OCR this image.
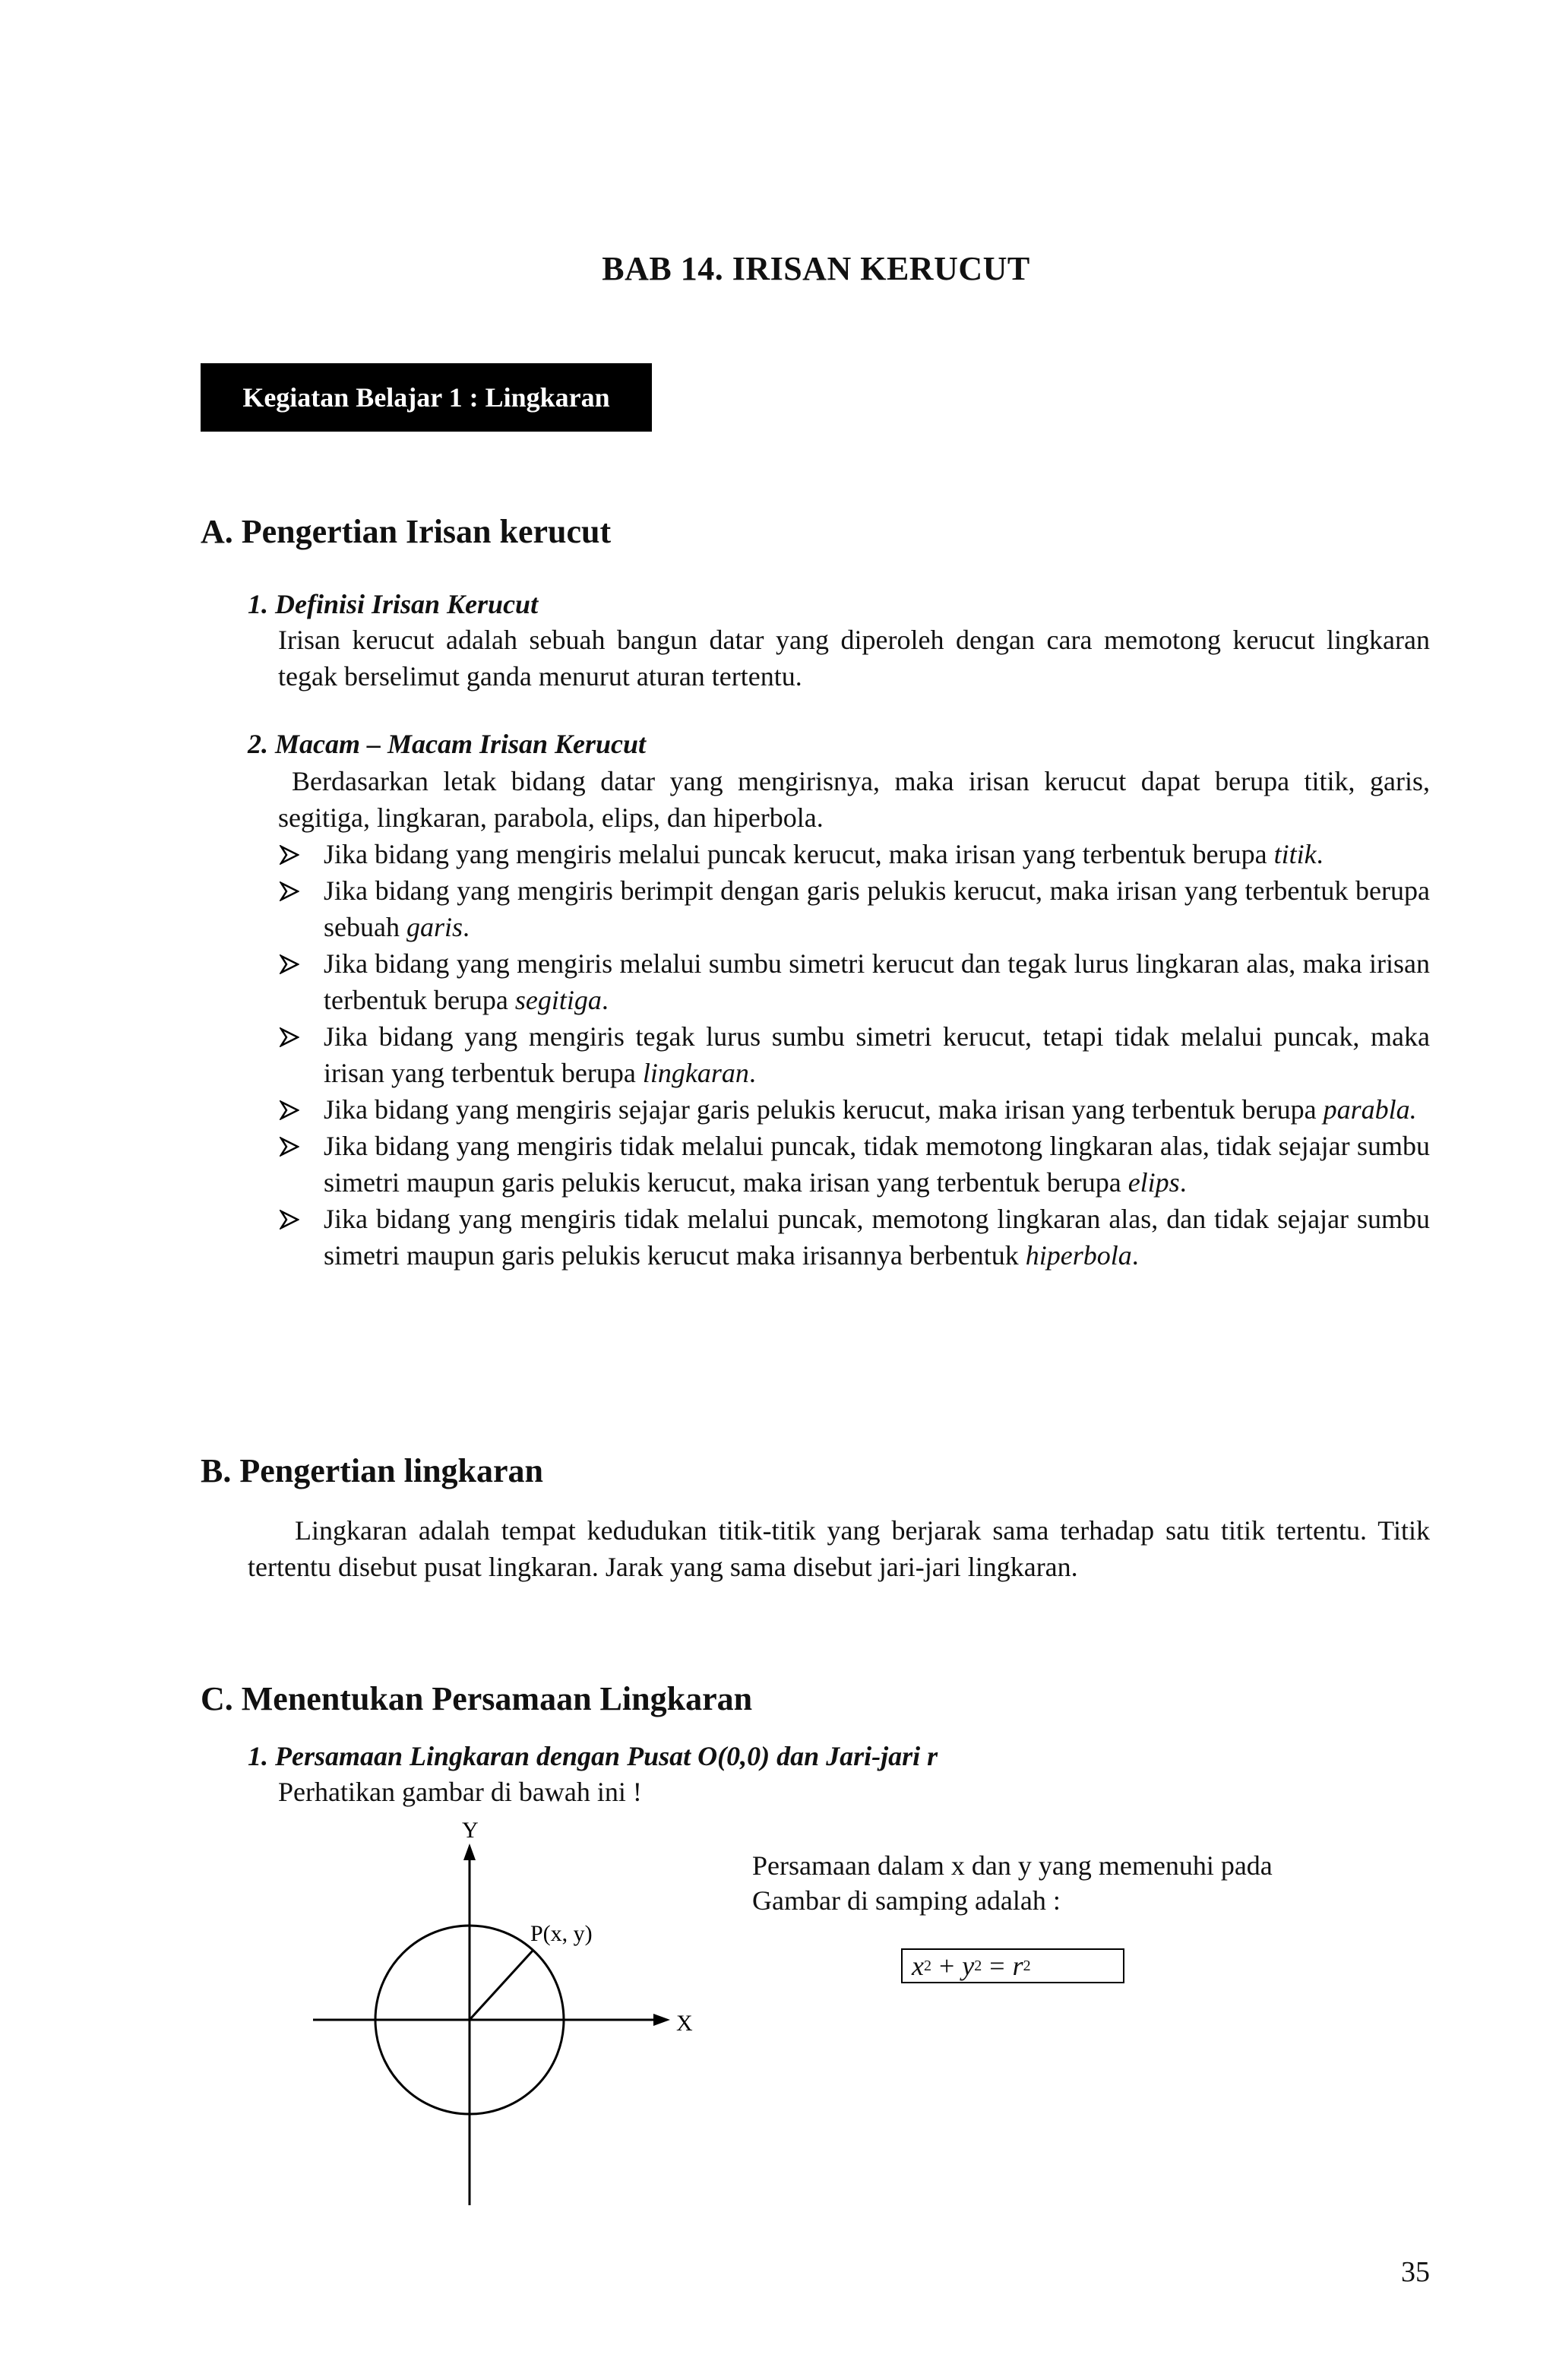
BAB 14. IRISAN KERUCUT
Kegiatan Belajar 1 : Lingkaran
A. Pengertian Irisan kerucut
1. Definisi Irisan Kerucut
Irisan kerucut adalah sebuah bangun datar yang diperoleh dengan cara memotong kerucut lingkaran tegak berselimut ganda menurut aturan tertentu.
2. Macam – Macam Irisan Kerucut
Berdasarkan letak bidang datar yang mengirisnya, maka irisan kerucut dapat berupa titik, garis, segitiga, lingkaran, parabola, elips, dan hiperbola.
Jika bidang yang mengiris melalui puncak kerucut, maka irisan yang terbentuk berupa titik.
Jika bidang yang mengiris berimpit dengan garis pelukis kerucut, maka irisan yang terbentuk berupa sebuah garis.
Jika bidang yang mengiris melalui sumbu simetri kerucut dan tegak lurus lingkaran alas, maka irisan terbentuk berupa segitiga.
Jika bidang yang mengiris tegak lurus sumbu simetri kerucut, tetapi tidak melalui puncak, maka irisan yang terbentuk berupa lingkaran.
Jika bidang yang mengiris sejajar garis pelukis kerucut, maka irisan yang terbentuk berupa parabla.
Jika bidang yang mengiris tidak melalui puncak, tidak memotong lingkaran alas, tidak sejajar sumbu simetri maupun garis pelukis kerucut, maka irisan yang terbentuk berupa elips.
Jika bidang yang mengiris tidak melalui puncak, memotong lingkaran alas, dan tidak sejajar sumbu simetri maupun garis pelukis kerucut maka irisannya berbentuk hiperbola.
B. Pengertian lingkaran
Lingkaran adalah tempat kedudukan titik-titik yang berjarak sama terhadap satu titik tertentu. Titik tertentu disebut pusat lingkaran. Jarak yang sama disebut jari-jari lingkaran.
C. Menentukan Persamaan Lingkaran
1. Persamaan Lingkaran dengan Pusat O(0,0) dan Jari-jari r
Perhatikan gambar di bawah ini !
Y
X
P(x, y)
Persamaan dalam x dan y yang memenuhi pada
Gambar di samping adalah :
x 2 + y 2 = r 2
35
